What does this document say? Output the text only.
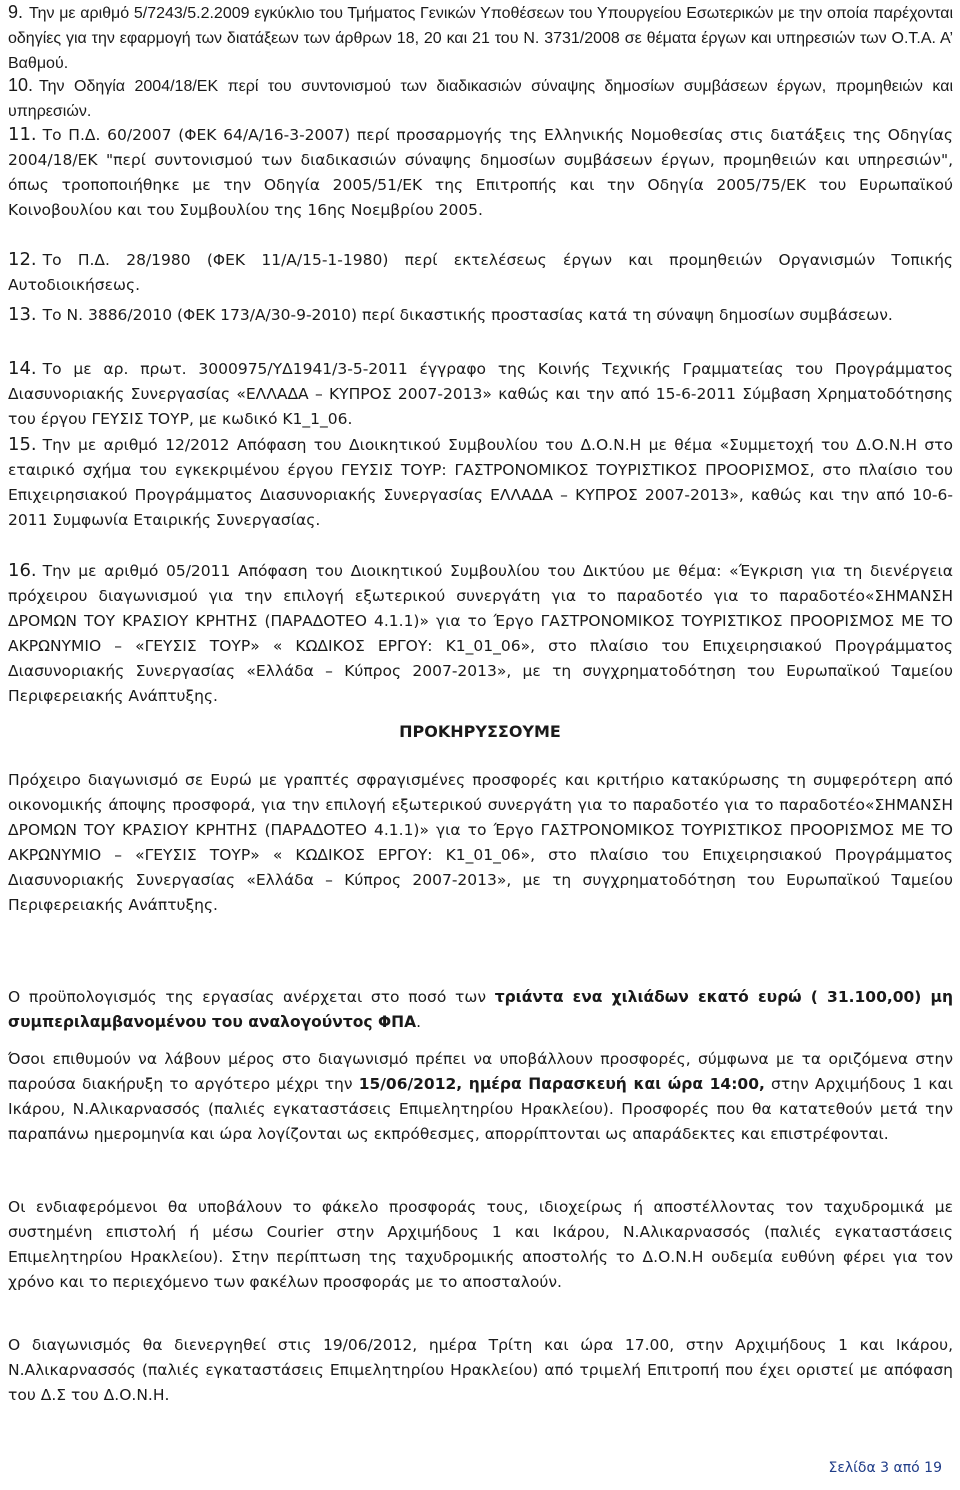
9. Την με αριθμό 5/7243/5.2.2009 εγκύκλιο του Τμήματος Γενικών Υποθέσεων του Υπουργείου Εσωτερικών με την οποία παρέχονται οδηγίες για την εφαρμογή των διατάξεων των άρθρων 18, 20 και 21 του Ν. 3731/2008 σε θέματα έργων και υπηρεσιών των Ο.Τ.Α. Α’ Βαθμού.
10. Την Οδηγία 2004/18/ΕΚ περί του συντονισμού των διαδικασιών σύναψης δημοσίων συμβάσεων έργων, προμηθειών και υπηρεσιών.
11. Το Π.Δ. 60/2007 (ΦΕΚ 64/Α/16-3-2007) περί προσαρμογής της Ελληνικής Νομοθεσίας στις διατάξεις της Οδηγίας 2004/18/ΕΚ "περί συντονισμού των διαδικασιών σύναψης δημοσίων συμβάσεων έργων, προμηθειών και υπηρεσιών", όπως τροποποιήθηκε με την Οδηγία 2005/51/ΕΚ της Επιτροπής και την Οδηγία 2005/75/ΕΚ του Ευρωπαϊκού Κοινοβουλίου και του Συμβουλίου της 16ης Νοεμβρίου 2005.
12. Το Π.Δ. 28/1980 (ΦΕΚ 11/Α/15-1-1980) περί εκτελέσεως έργων και προμηθειών Οργανισμών Τοπικής Αυτοδιοικήσεως.
13. Το Ν. 3886/2010 (ΦΕΚ 173/Α/30-9-2010) περί δικαστικής προστασίας κατά τη σύναψη δημοσίων συμβάσεων.
14. Το με αρ. πρωτ. 3000975/ΥΔ1941/3-5-2011 έγγραφο της Κοινής Τεχνικής Γραμματείας του Προγράμματος Διασυνοριακής Συνεργασίας «ΕΛΛΑΔΑ – ΚΥΠΡΟΣ 2007-2013» καθώς και την από 15-6-2011 Σύμβαση Χρηματοδότησης του έργου ΓΕΥΣΙΣ ΤΟΥΡ, με κωδικό Κ1_1_06.
15. Την με αριθμό 12/2012 Απόφαση του Διοικητικού Συμβουλίου του Δ.Ο.Ν.Η με θέμα «Συμμετοχή του Δ.Ο.Ν.Η στο εταιρικό σχήμα του εγκεκριμένου έργου ΓΕΥΣΙΣ ΤΟΥΡ: ΓΑΣΤΡΟΝΟΜΙΚΟΣ ΤΟΥΡΙΣΤΙΚΟΣ ΠΡΟΟΡΙΣΜΟΣ, στο πλαίσιο του Επιχειρησιακού Προγράμματος Διασυνοριακής Συνεργασίας ΕΛΛΑΔΑ – ΚΥΠΡΟΣ 2007-2013», καθώς και την από 10-6-2011 Συμφωνία Εταιρικής Συνεργασίας.
16. Την με αριθμό 05/2011 Απόφαση του Διοικητικού Συμβουλίου του Δικτύου με θέμα: «Έγκριση για τη διενέργεια πρόχειρου διαγωνισμού για την επιλογή εξωτερικού συνεργάτη για το παραδοτέο για το παραδοτέο«ΣΗΜΑΝΣΗ ΔΡΟΜΩΝ ΤΟΥ ΚΡΑΣΙΟΥ ΚΡΗΤΗΣ (ΠΑΡΑΔΟΤΕΟ 4.1.1)» για το Έργο ΓΑΣΤΡΟΝΟΜΙΚΟΣ ΤΟΥΡΙΣΤΙΚΟΣ ΠΡΟΟΡΙΣΜΟΣ ΜΕ ΤΟ ΑΚΡΩΝΥΜΙΟ – «ΓΕΥΣΙΣ ΤΟΥΡ» « ΚΩΔΙΚΟΣ ΕΡΓΟΥ: Κ1_01_06», στο πλαίσιο του Επιχειρησιακού Προγράμματος Διασυνοριακής Συνεργασίας «Ελλάδα – Κύπρος 2007-2013», με τη συγχρηματοδότηση του Ευρωπαϊκού Ταμείου Περιφερειακής Ανάπτυξης.
ΠΡΟΚΗΡΥΣΣΟΥΜΕ
Πρόχειρο διαγωνισμό σε Ευρώ με γραπτές σφραγισμένες προσφορές και κριτήριο κατακύρωσης τη συμφερότερη από οικονομικής άποψης προσφορά, για την επιλογή εξωτερικού συνεργάτη για το παραδοτέο για το παραδοτέο«ΣΗΜΑΝΣΗ ΔΡΟΜΩΝ ΤΟΥ ΚΡΑΣΙΟΥ ΚΡΗΤΗΣ (ΠΑΡΑΔΟΤΕΟ 4.1.1)» για το Έργο ΓΑΣΤΡΟΝΟΜΙΚΟΣ ΤΟΥΡΙΣΤΙΚΟΣ ΠΡΟΟΡΙΣΜΟΣ ΜΕ ΤΟ ΑΚΡΩΝΥΜΙΟ – «ΓΕΥΣΙΣ ΤΟΥΡ» « ΚΩΔΙΚΟΣ ΕΡΓΟΥ: Κ1_01_06», στο πλαίσιο του Επιχειρησιακού Προγράμματος Διασυνοριακής Συνεργασίας «Ελλάδα – Κύπρος 2007-2013», με τη συγχρηματοδότηση του Ευρωπαϊκού Ταμείου Περιφερειακής Ανάπτυξης.
Ο προϋπολογισμός της εργασίας ανέρχεται στο ποσό των τριάντα ενα χιλιάδων εκατό ευρώ ( 31.100,00) μη συμπεριλαμβανομένου του αναλογούντος ΦΠΑ.
Όσοι επιθυμούν να λάβουν μέρος στο διαγωνισμό πρέπει να υποβάλλουν προσφορές, σύμφωνα με τα οριζόμενα στην παρούσα διακήρυξη το αργότερο μέχρι την 15/06/2012, ημέρα Παρασκευή και ώρα 14:00, στην Αρχιμήδους 1 και Ικάρου, Ν.Αλικαρνασσός (παλιές εγκαταστάσεις Επιμελητηρίου Ηρακλείου). Προσφορές που θα κατατεθούν μετά την παραπάνω ημερομηνία και ώρα λογίζονται ως εκπρόθεσμες, απορρίπτονται ως απαράδεκτες και επιστρέφονται.
Οι ενδιαφερόμενοι θα υποβάλουν το φάκελο προσφοράς τους, ιδιοχείρως ή αποστέλλοντας τον ταχυδρομικά με συστημένη επιστολή ή μέσω Courier στην Αρχιμήδους 1 και Ικάρου, Ν.Αλικαρνασσός (παλιές εγκαταστάσεις Επιμελητηρίου Ηρακλείου). Στην περίπτωση της ταχυδρομικής αποστολής το Δ.Ο.Ν.Η ουδεμία ευθύνη φέρει για τον χρόνο και το περιεχόμενο των φακέλων προσφοράς με το αποσταλούν.
Ο διαγωνισμός θα διενεργηθεί στις 19/06/2012, ημέρα Τρίτη και ώρα 17.00, στην Αρχιμήδους 1 και Ικάρου, Ν.Αλικαρνασσός (παλιές εγκαταστάσεις Επιμελητηρίου Ηρακλείου) από τριμελή Επιτροπή που έχει οριστεί με απόφαση του Δ.Σ του Δ.Ο.Ν.Η.
Σελίδα 3 από 19
